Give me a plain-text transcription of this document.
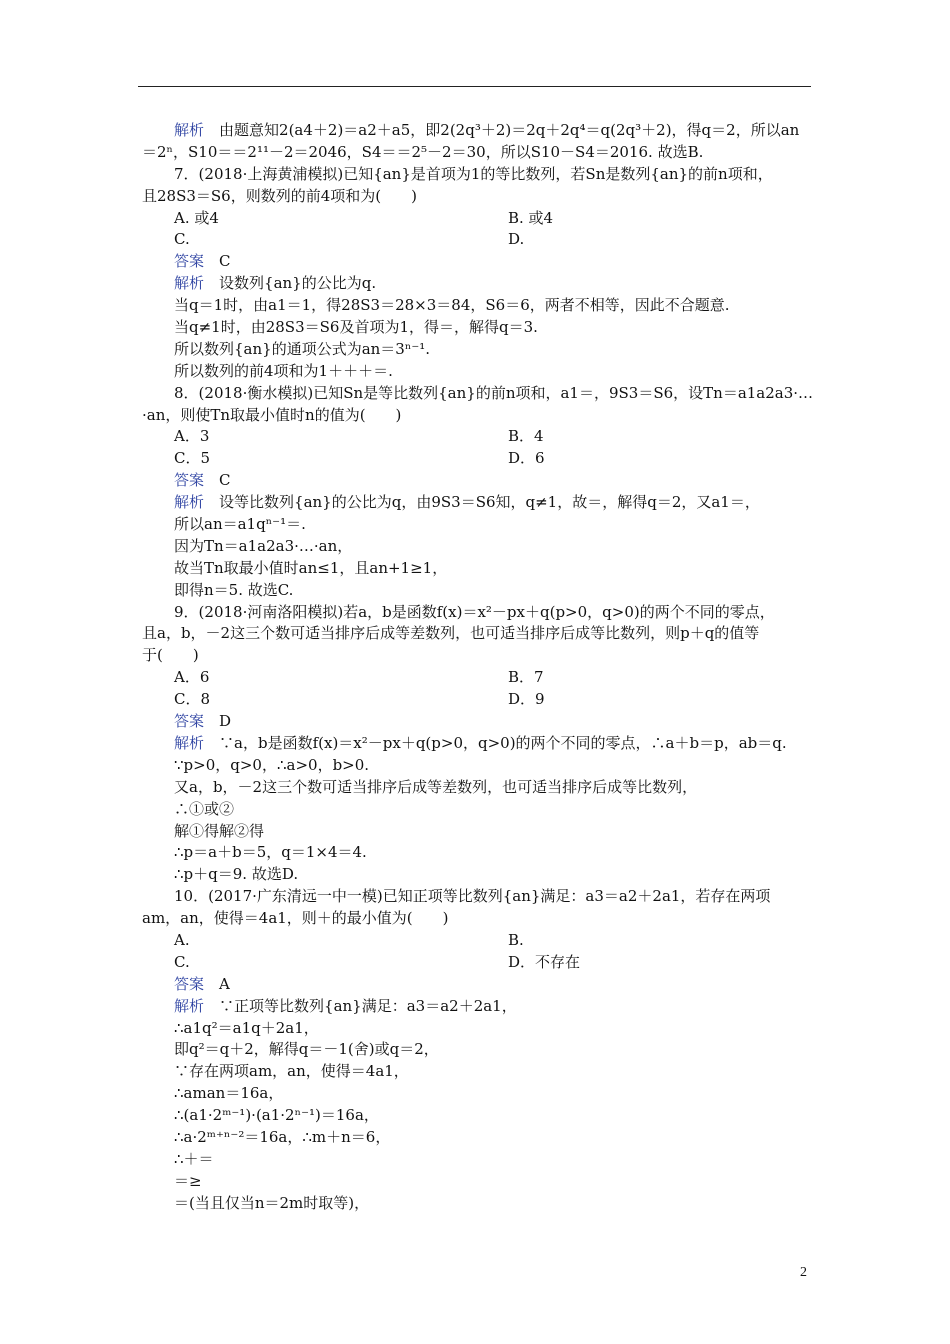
解析　 由题意知2(a4＋2)＝a2＋a5，即2(2q³＋2)＝2q＋2q⁴＝q(2q³＋2)，得q＝2，所以an
＝2ⁿ，S10＝＝2¹¹－2＝2046，S4＝＝2⁵－2＝30，所以S10－S4＝2016. 故选B.
7．(2018·上海黄浦模拟)已知{an}是首项为1的等比数列，若Sn是数列{an}的前n项和，
且28S3＝S6，则数列的前4项和为(　　)
A. 或4	B. 或4
C.	D.
答案　 C
解析　 设数列{an}的公比为q.
当q＝1时，由a1＝1，得28S3＝28×3＝84，S6＝6，两者不相等，因此不合题意.
当q≠1时，由28S3＝S6及首项为1，得＝，解得q＝3.
所以数列{an}的通项公式为an＝3ⁿ⁻¹.
所以数列的前4项和为1＋＋＋＝.
8．(2018·衡水模拟)已知Sn是等比数列{an}的前n项和，a1＝，9S3＝S6，设Tn＝a1a2a3·…
·an，则使Tn取最小值时n的值为(　　)
A．3	B．4
C．5	D．6
答案　 C
解析　 设等比数列{an}的公比为q，由9S3＝S6知，q≠1，故＝，解得q＝2，又a1＝，
所以an＝a1qⁿ⁻¹＝.
因为Tn＝a1a2a3·…·an，
故当Tn取最小值时an≤1，且an+1≥1，
即得n＝5. 故选C.
9．(2018·河南洛阳模拟)若a，b是函数f(x)＝x²－px＋q(p>0，q>0)的两个不同的零点，
且a，b，－2这三个数可适当排序后成等差数列，也可适当排序后成等比数列，则p＋q的值等
于(　　)
A．6	B．7
C．8	D．9
答案　 D
解析　 ∵a，b是函数f(x)＝x²－px＋q(p>0，q>0)的两个不同的零点，∴a＋b＝p，ab＝q.
∵p>0，q>0，∴a>0，b>0.
又a，b，－2这三个数可适当排序后成等差数列，也可适当排序后成等比数列，
∴①或②
解①得解②得
∴p＝a＋b＝5，q＝1×4＝4.
∴p＋q＝9. 故选D.
10．(2017·广东清远一中一模)已知正项等比数列{an}满足：a3＝a2＋2a1，若存在两项
am，an，使得＝4a1，则＋的最小值为(　　)
A.	B.
C.	D．不存在
答案　 A
解析　 ∵正项等比数列{an}满足：a3＝a2＋2a1，
∴a1q²＝a1q＋2a1，
即q²＝q＋2，解得q＝－1(舍)或q＝2，
∵存在两项am，an，使得＝4a1，
∴aman＝16a，
∴(a1·2ᵐ⁻¹)·(a1·2ⁿ⁻¹)＝16a，
∴a·2ᵐ⁺ⁿ⁻²＝16a，∴m＋n＝6，
∴＋＝
＝≥
＝(当且仅当n＝2m时取等)，
2
